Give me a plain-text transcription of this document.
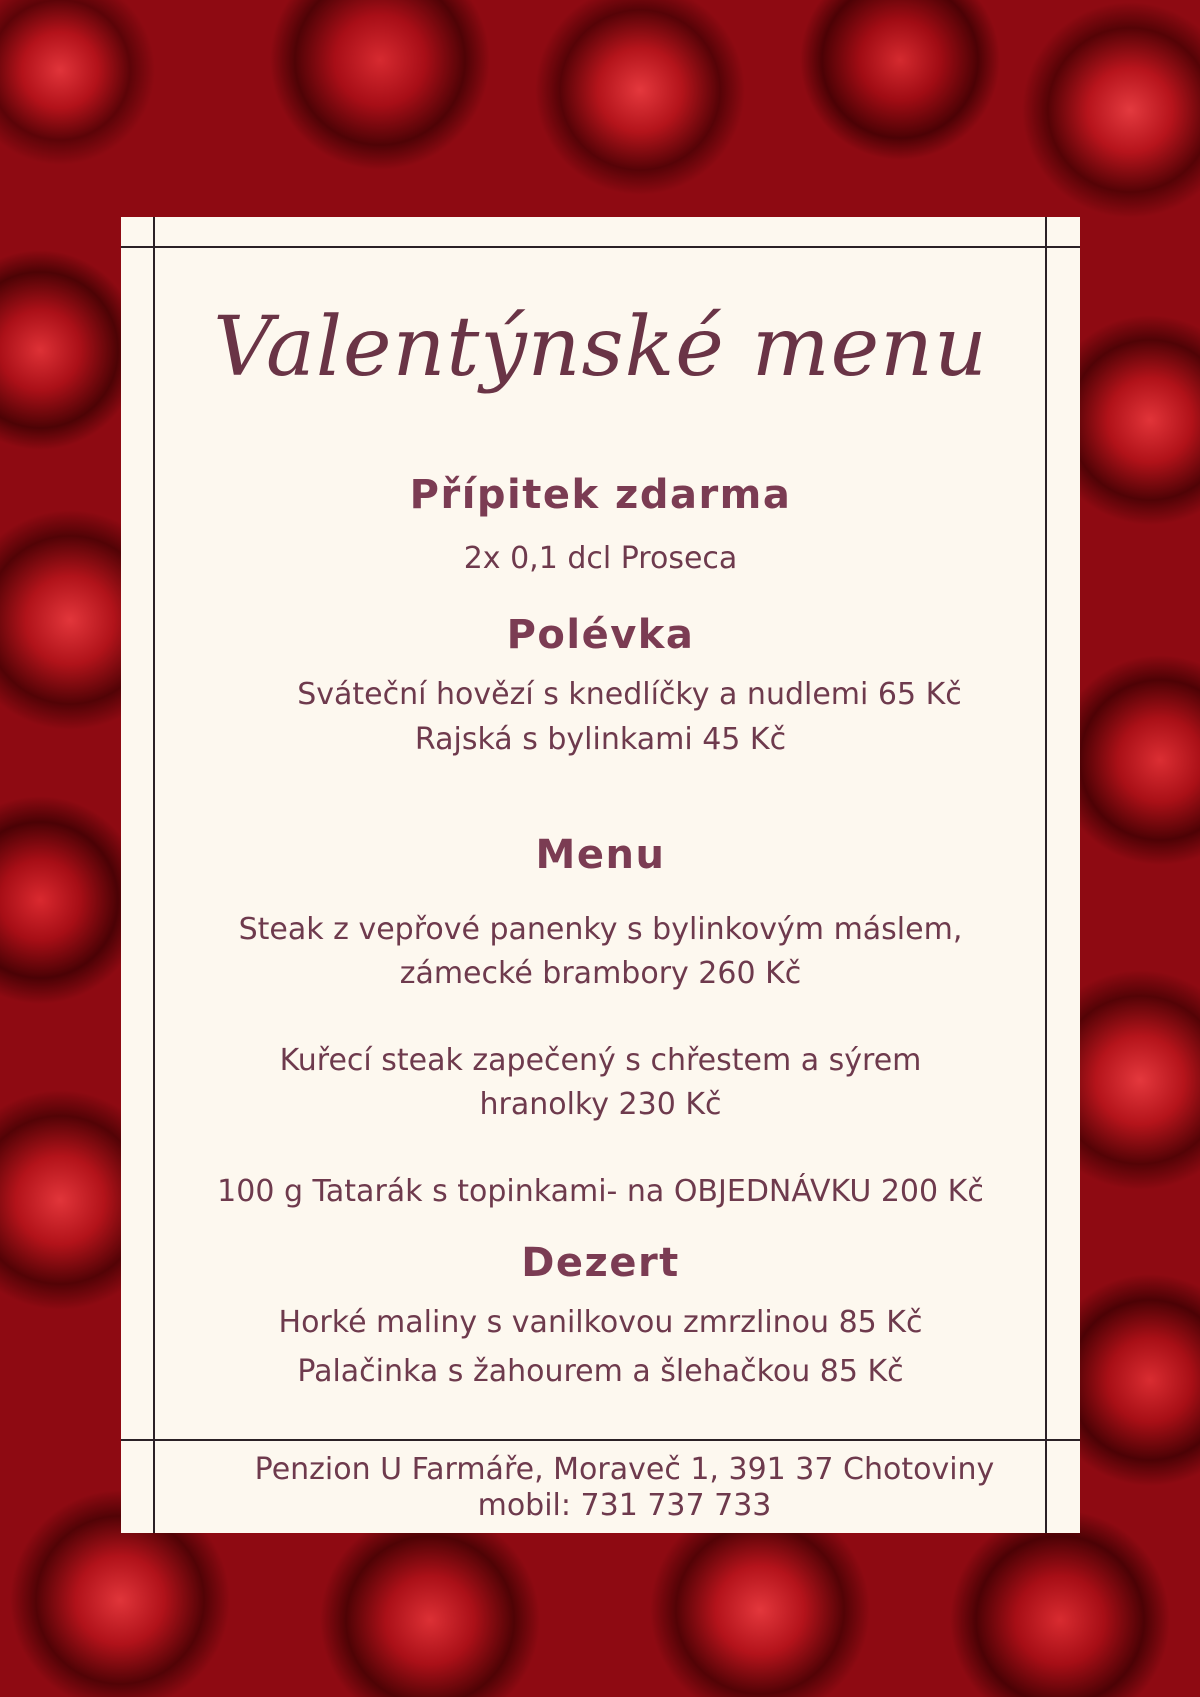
Valentýnské menu
Přípitek zdarma
2x 0,1 dcl Proseca
Polévka
Sváteční hovězí s knedlíčky a nudlemi 65 Kč
Rajská s bylinkami 45 Kč
Menu
Steak z vepřové panenky s bylinkovým máslem,
zámecké brambory 260 Kč
Kuřecí steak zapečený s chřestem a sýrem
hranolky 230 Kč
100 g Tatarák s topinkami- na OBJEDNÁVKU 200 Kč
Dezert
Horké maliny s vanilkovou zmrzlinou 85 Kč
Palačinka s žahourem a šlehačkou 85 Kč
Penzion U Farmáře, Moraveč 1, 391 37 Chotoviny
mobil: 731 737 733
